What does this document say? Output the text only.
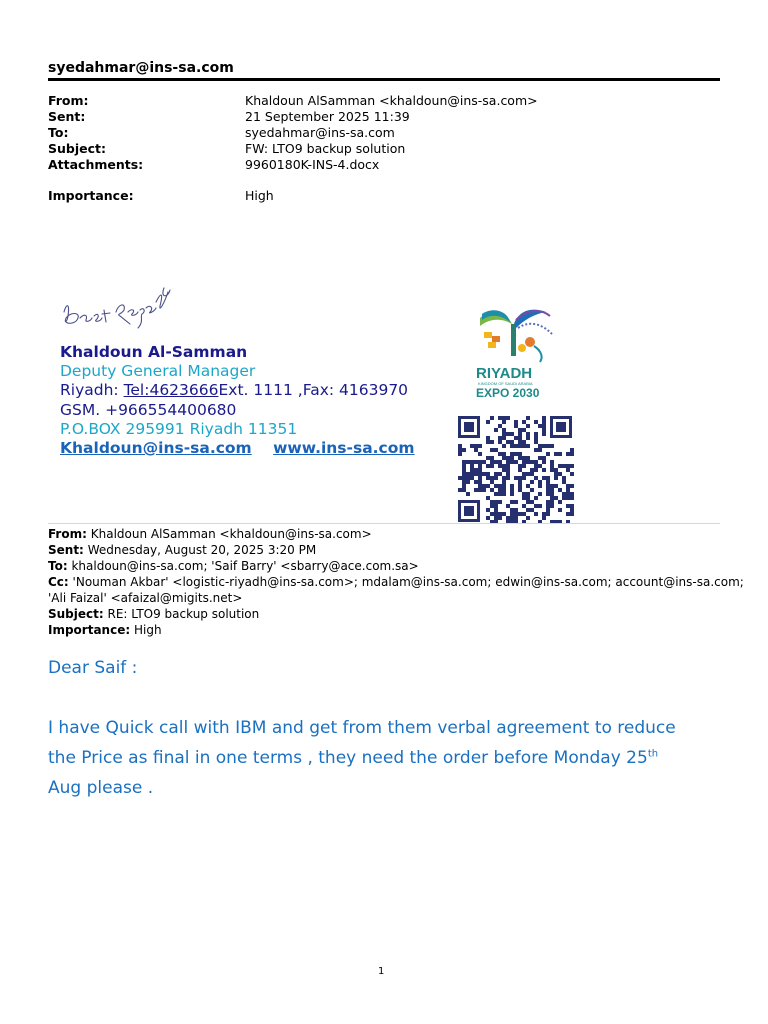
syedahmar@ins-sa.com
From:	Khaldoun AlSamman <khaldoun@ins-sa.com>
Sent:	21 September 2025 11:39
To:	syedahmar@ins-sa.com
Subject:	FW: LTO9 backup solution
Attachments:	9960180K-INS-4.docx
Importance:	High
Khaldoun Al-Samman
Deputy General Manager
Riyadh: Tel:4623666Ext. 1111 ,Fax: 4163970
GSM. +966554400680
P.O.BOX 295991 Riyadh 11351
Khaldoun@ins-sa.com www.ins-sa.com
RIYADH
KINGDOM OF SAUDI ARABIA
EXPO 2030
From: Khaldoun AlSamman <khaldoun@ins-sa.com>
Sent: Wednesday, August 20, 2025 3:20 PM
To: khaldoun@ins-sa.com; 'Saif Barry' <sbarry@ace.com.sa>
Cc: 'Nouman Akbar' <logistic-riyadh@ins-sa.com>; mdalam@ins-sa.com; edwin@ins-sa.com; account@ins-sa.com;
'Ali Faizal' <afaizal@migits.net>
Subject: RE: LTO9 backup solution
Importance: High
Dear Saif :
I have Quick call with IBM and get from them verbal agreement to reduce
the Price as final in one terms , they need the order before Monday 25th
Aug please .
1
